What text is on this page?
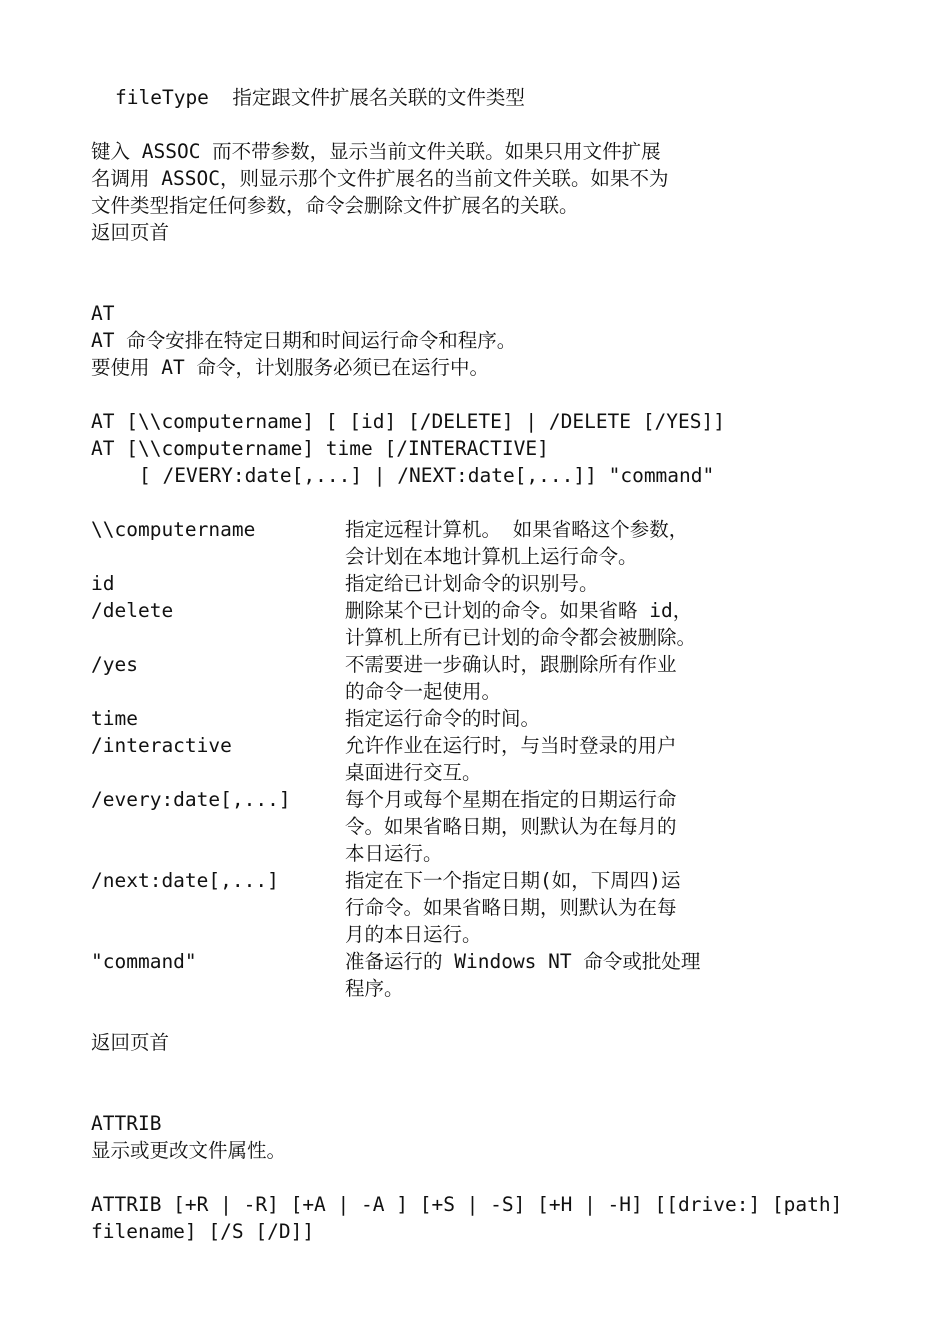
fileType  指定跟文件扩展名关联的文件类型
键入 ASSOC 而不带参数，显示当前文件关联。如果只用文件扩展
名调用 ASSOC，则显示那个文件扩展名的当前文件关联。如果不为
文件类型指定任何参数，命令会删除文件扩展名的关联。
返回页首
AT
AT 命令安排在特定日期和时间运行命令和程序。
要使用 AT 命令，计划服务必须已在运行中。
AT [\\computername] [ [id] [/DELETE] | /DELETE [/YES]]
AT [\\computername] time [/INTERACTIVE]
[ /EVERY:date[,...] | /NEXT:date[,...]] "command"
\\computername	指定远程计算机。 如果省略这个参数，
会计划在本地计算机上运行命令。
id	指定给已计划命令的识别号。
/delete	删除某个已计划的命令。如果省略 id，
计算机上所有已计划的命令都会被删除。
/yes	不需要进一步确认时，跟删除所有作业
的命令一起使用。
time	指定运行命令的时间。
/interactive	允许作业在运行时，与当时登录的用户
桌面进行交互。
/every:date[,...]	每个月或每个星期在指定的日期运行命
令。如果省略日期，则默认为在每月的
本日运行。
/next:date[,...]	指定在下一个指定日期(如，下周四)运
行命令。如果省略日期，则默认为在每
月的本日运行。
"command"	准备运行的 Windows NT 命令或批处理
程序。
返回页首
ATTRIB
显示或更改文件属性。
ATTRIB [+R | -R] [+A | -A ] [+S | -S] [+H | -H] [[drive:] [path]
filename] [/S [/D]]
